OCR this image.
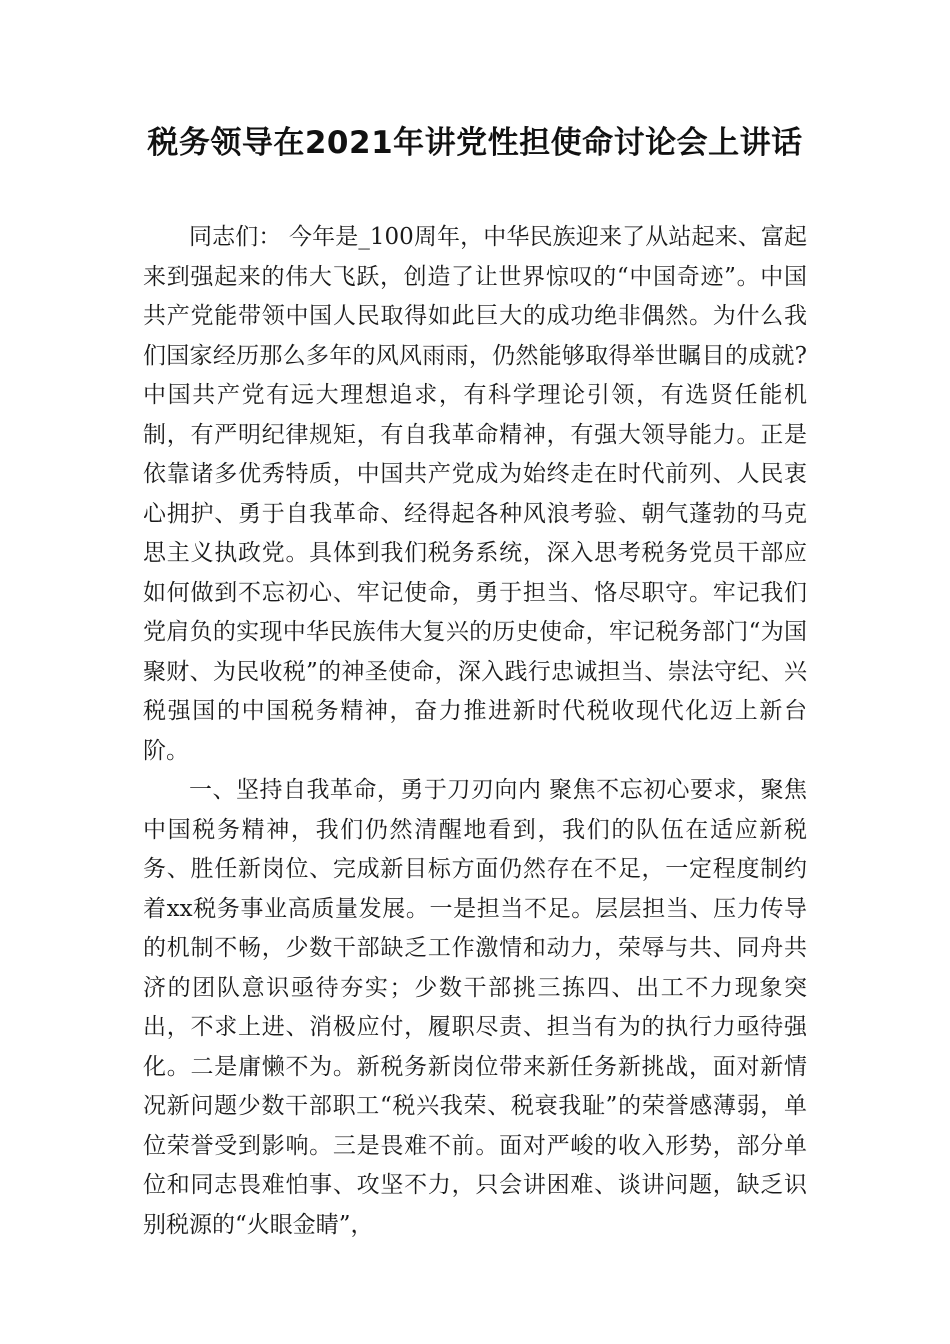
税务领导在2021年讲党性担使命讨论会上讲话

同志们： 今年是_100周年，中华民族迎来了从站起来、富起来到强起来的伟大飞跃，创造了让世界惊叹的“中国奇迹”。中国共产党能带领中国人民取得如此巨大的成功绝非偶然。为什么我们国家经历那么多年的风风雨雨，仍然能够取得举世瞩目的成就?中国共产党有远大理想追求，有科学理论引领，有选贤任能机制，有严明纪律规矩，有自我革命精神，有强大领导能力。正是依靠诸多优秀特质，中国共产党成为始终走在时代前列、人民衷心拥护、勇于自我革命、经得起各种风浪考验、朝气蓬勃的马克思主义执政党。具体到我们税务系统，深入思考税务党员干部应如何做到不忘初心、牢记使命，勇于担当、恪尽职守。牢记我们党肩负的实现中华民族伟大复兴的历史使命，牢记税务部门“为国聚财、为民收税”的神圣使命，深入践行忠诚担当、崇法守纪、兴税强国的中国税务精神，奋力推进新时代税收现代化迈上新台阶。

一、坚持自我革命，勇于刀刃向内 聚焦不忘初心要求，聚焦中国税务精神，我们仍然清醒地看到，我们的队伍在适应新税务、胜任新岗位、完成新目标方面仍然存在不足，一定程度制约着xx税务事业高质量发展。一是担当不足。层层担当、压力传导的机制不畅，少数干部缺乏工作激情和动力，荣辱与共、同舟共济的团队意识亟待夯实；少数干部挑三拣四、出工不力现象突出，不求上进、消极应付，履职尽责、担当有为的执行力亟待强化。二是庸懒不为。新税务新岗位带来新任务新挑战，面对新情况新问题少数干部职工“税兴我荣、税衰我耻”的荣誉感薄弱，单位荣誉受到影响。三是畏难不前。面对严峻的收入形势，部分单位和同志畏难怕事、攻坚不力，只会讲困难、谈讲问题，缺乏识别税源的“火眼金睛”，
